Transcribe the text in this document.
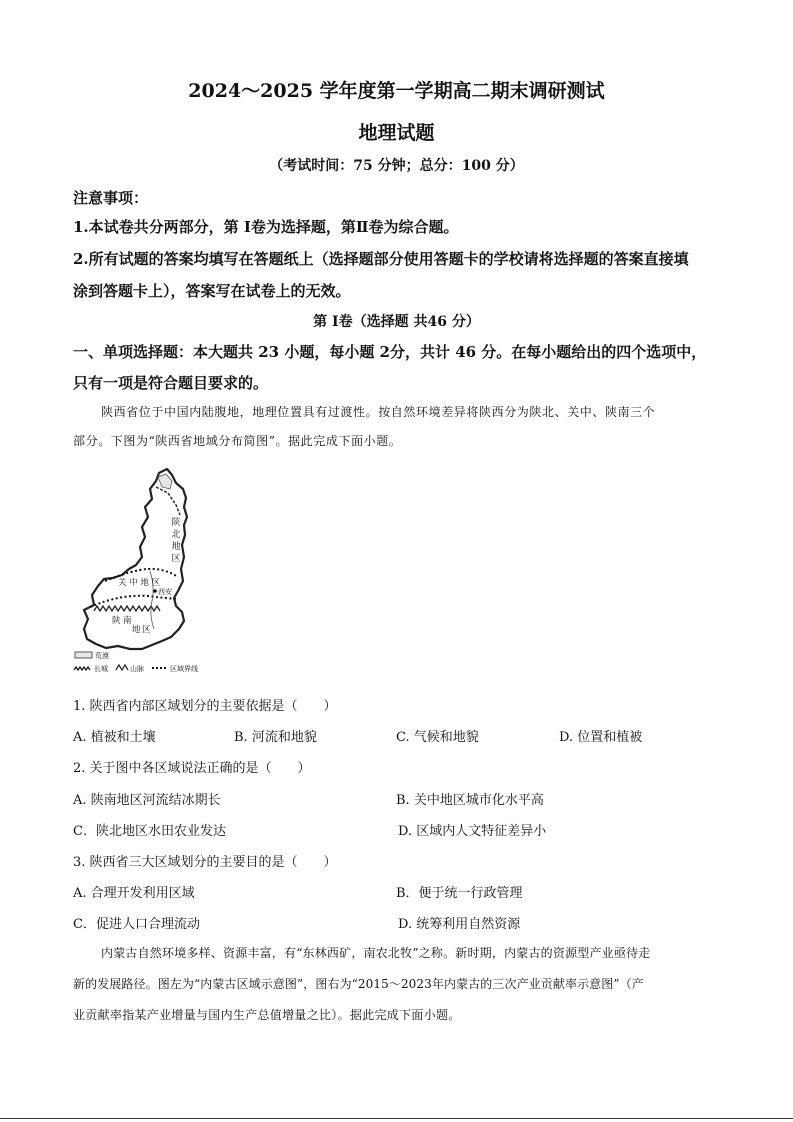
2024～2025 学年度第一学期高二期末调研测试
地理试题
（考试时间：75 分钟；总分：100 分）
注意事项：
1.本试卷共分两部分，第 Ⅰ卷为选择题，第Ⅱ卷为综合题。
2.所有试题的答案均填写在答题纸上（选择题部分使用答题卡的学校请将选择题的答案直接填
涂到答题卡上），答案写在试卷上的无效。
第 Ⅰ卷（选择题 共46 分）
一、单项选择题：本大题共 23 小题，每小题 2分，共计 46 分。在每小题给出的四个选项中，
只有一项是符合题目要求的。
陕西省位于中国内陆腹地，地理位置具有过渡性。按自然环境差异将陕西分为陕北、关中、陕南三个
部分。下图为“陕西省地域分布简图”。据此完成下面小题。
陕
北
地
区
关 中 地 区
西安
陕 南
地 区
荒漠
长城	山脉	区域界线
1. 陕西省内部区域划分的主要依据是（　　）
A. 植被和土壤	B. 河流和地貌	C. 气候和地貌	D. 位置和植被
2. 关于图中各区域说法正确的是（　　）
A. 陕南地区河流结冰期长	B. 关中地区城市化水平高
C．陕北地区水田农业发达	D. 区域内人文特征差异小
3. 陕西省三大区域划分的主要目的是（　　）
A. 合理开发利用区域	B．便于统一行政管理
C．促进人口合理流动	D. 统筹利用自然资源
内蒙古自然环境多样、资源丰富，有“东林西矿，南农北牧”之称。新时期，内蒙古的资源型产业亟待走
新的发展路径。图左为“内蒙古区域示意图”，图右为“2015～2023年内蒙古的三次产业贡献率示意图”（产
业贡献率指某产业增量与国内生产总值增量之比）。据此完成下面小题。
